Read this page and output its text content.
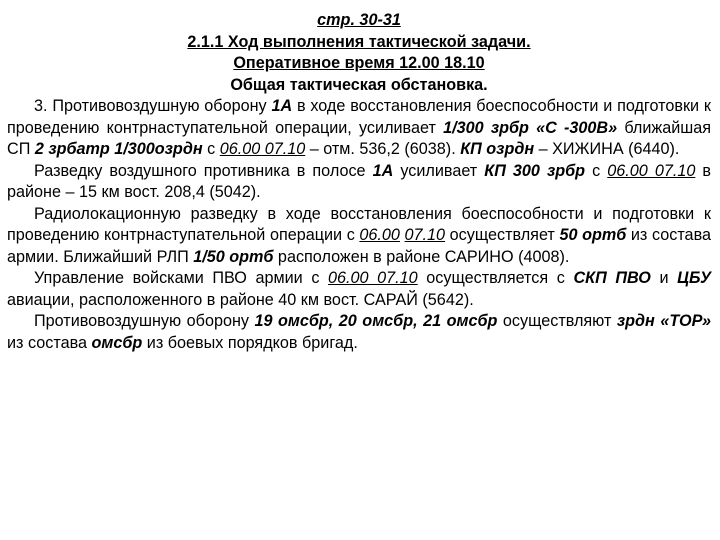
стр. 30-31

2.1.1 Ход выполнения тактической задачи.

Оперативное время 12.00 18.10

Общая тактическая обстановка.

3. Противовоздушную оборону 1А в ходе восстановления боеспособности и подготовки к проведению контрнаступательной операции, усиливает 1/300 зрбр «С -300В» ближайшая СП 2 зрбатр 1/300озрдн с 06.00 07.10 – отм. 536,2 (6038). КП озрдн – ХИЖИНА (6440).

Разведку воздушного противника в полосе 1А усиливает КП 300 зрбр с 06.00 07.10 в районе – 15 км вост. 208,4 (5042).

Радиолокационную разведку в ходе восстановления боеспособности и подготовки к проведению контрнаступательной операции с 06.00 07.10 осуществляет 50 ортб из состава армии. Ближайший РЛП 1/50 ортб расположен в районе САРИНО (4008).

Управление войсками ПВО армии с 06.00 07.10 осуществляется с СКП ПВО и ЦБУ авиации, расположенного в районе 40 км вост. САРАЙ (5642).

Противовоздушную оборону 19 омсбр, 20 омсбр, 21 омсбр осуществляют зрдн «ТОР» из состава омсбр из боевых порядков бригад.
